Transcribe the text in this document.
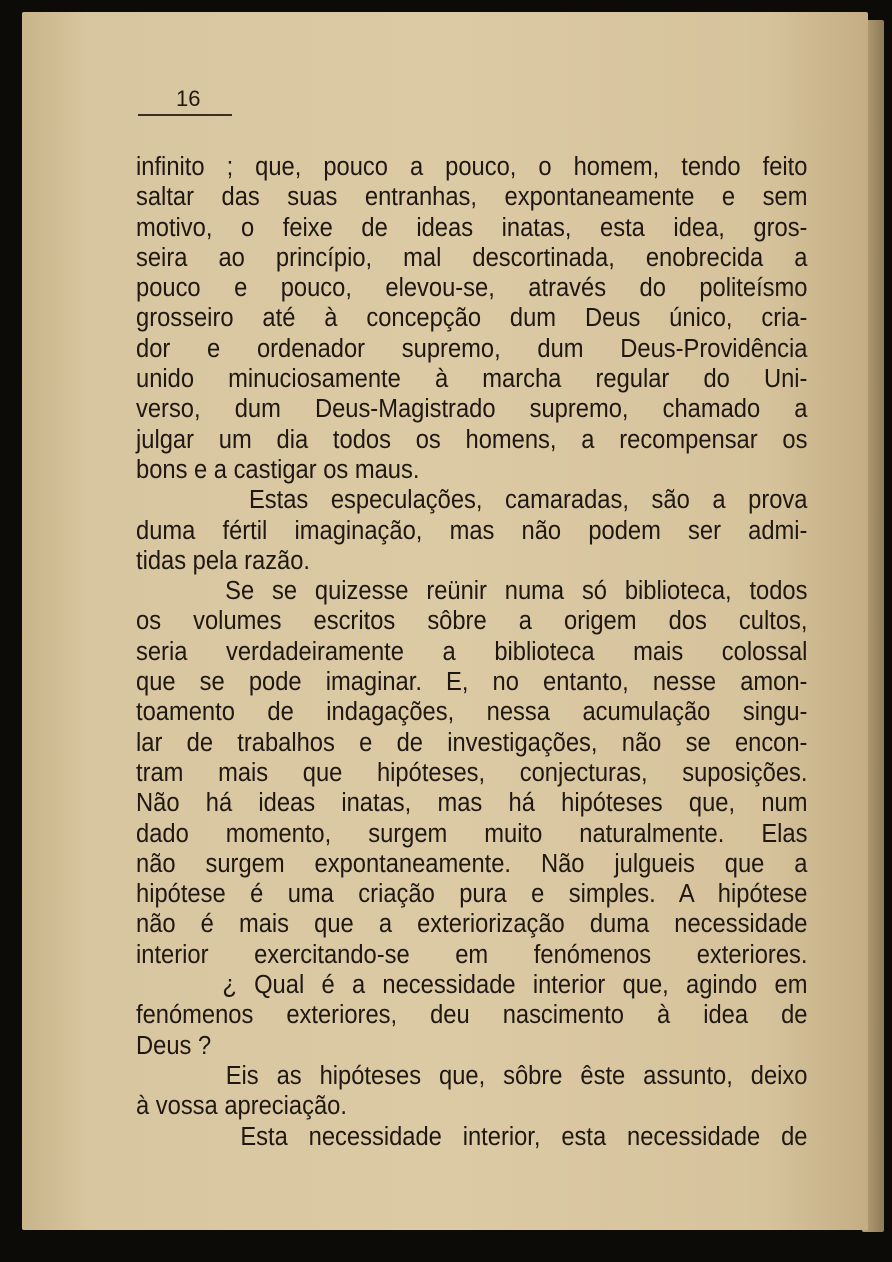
16
infinito ; que, pouco a pouco, o homem, tendo feito
saltar das suas entranhas, expontaneamente e sem
motivo, o feixe de ideas inatas, esta idea, gros-
seira ao princípio, mal descortinada, enobrecida a
pouco e pouco, elevou-se, através do politeísmo
grosseiro até à concepção dum Deus único, cria-
dor e ordenador supremo, dum Deus-Providência
unido minuciosamente à marcha regular do Uni-
verso, dum Deus-Magistrado supremo, chamado a
julgar um dia todos os homens, a recompensar os
bons e a castigar os maus.
Estas especulações, camaradas, são a prova
duma fértil imaginação, mas não podem ser admi-
tidas pela razão.
Se se quizesse reünir numa só biblioteca, todos
os volumes escritos sôbre a origem dos cultos,
seria verdadeiramente a biblioteca mais colossal
que se pode imaginar. E, no entanto, nesse amon-
toamento de indagações, nessa acumulação singu-
lar de trabalhos e de investigações, não se encon-
tram mais que hipóteses, conjecturas, suposições.
Não há ideas inatas, mas há hipóteses que, num
dado momento, surgem muito naturalmente. Elas
não surgem expontaneamente. Não julgueis que a
hipótese é uma criação pura e simples. A hipótese
não é mais que a exteriorização duma necessidade
interior exercitando-se em fenómenos exteriores.
¿ Qual é a necessidade interior que, agindo em
fenómenos exteriores, deu nascimento à idea de
Deus ?
Eis as hipóteses que, sôbre êste assunto, deixo
à vossa apreciação.
Esta necessidade interior, esta necessidade de
